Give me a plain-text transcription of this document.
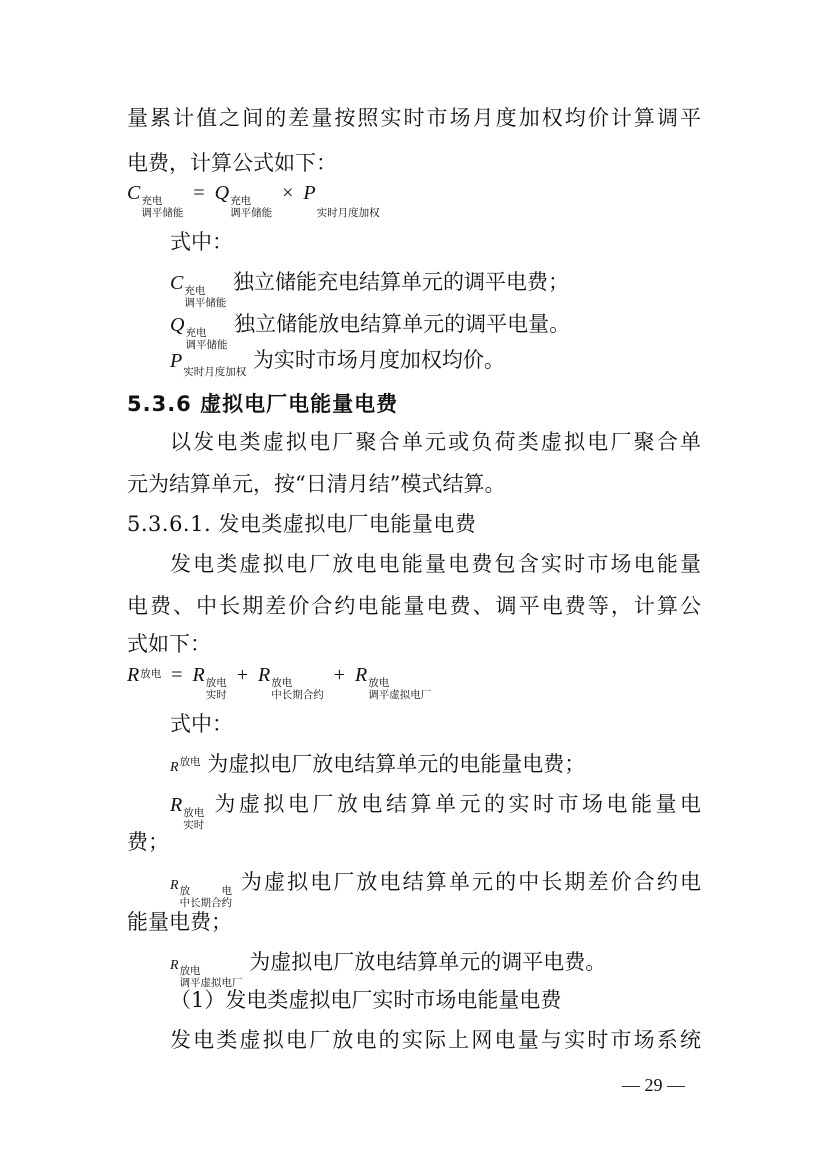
量累计值之间的差量按照实时市场月度加权均价计算调平
电费，计算公式如下：
C 充电
调平储能
= Q 充电
调平储能
× P

实时月度加权
式中：
C 充电
调平储能
独立储能充电结算单元的调平电费；
Q 充电
调平储能
独立储能放电结算单元的调平电量。
P 实时月度加权 为实时市场月度加权均价。
5.3.6 虚拟电厂电能量电费
以发电类虚拟电厂聚合单元或负荷类虚拟电厂聚合单
元为结算单元，按“日清月结”模式结算。
5.3.6.1. 发电类虚拟电厂电能量电费
发电类虚拟电厂放电电能量电费包含实时市场电能量
电费、中长期差价合约电能量电费、调平电费等，计算公
式如下：
R 放电 = R 放电
实时
+ R 放电
中长期合约
+ R 放电
调平虚拟电厂
式中：
R 放电 为虚拟电厂放电结算单元的电能量电费；
R 放电
实时
为虚拟电厂放电结算单元的实时市场电能量电
费；
R 放电
中长期合约
为虚拟电厂放电结算单元的中长期差价合约电
能量电费；
R 放电
调平虚拟电厂
为虚拟电厂放电结算单元的调平电费。
（1）发电类虚拟电厂实时市场电能量电费
发电类虚拟电厂放电的实际上网电量与实时市场系统
— 29 —
